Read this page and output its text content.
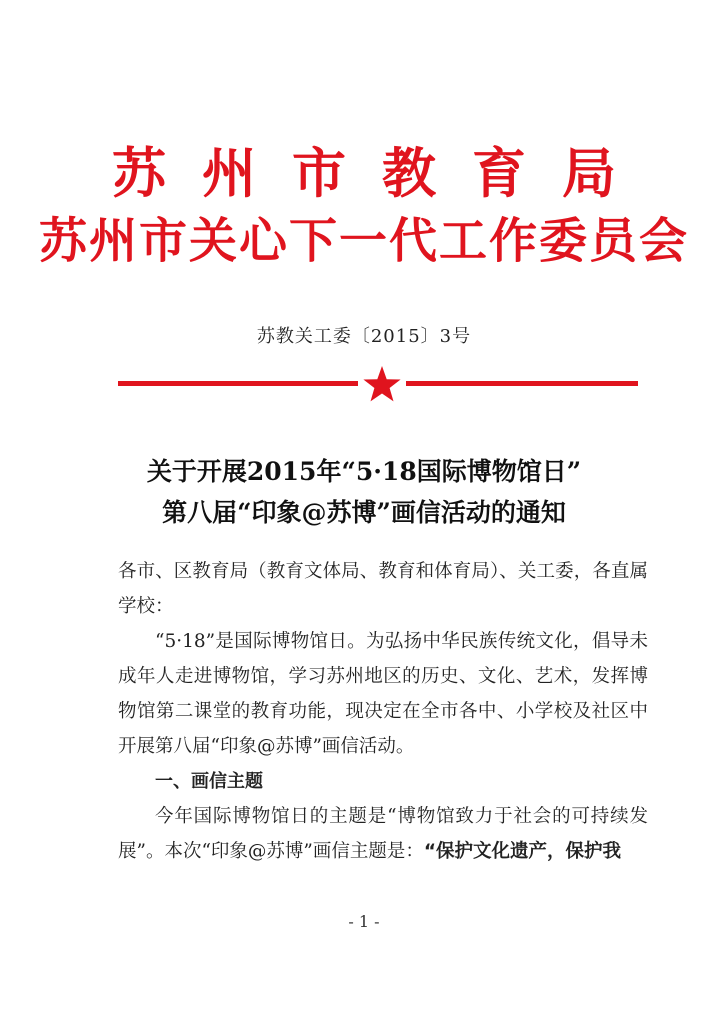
苏州市教育局
苏州市关心下一代工作委员会
苏教关工委〔2015〕3号
关于开展2015年“5·18国际博物馆日”
第八届“印象@苏博”画信活动的通知
各市、区教育局（教育文体局、教育和体育局）、关工委，各直属学校：
“5·18”是国际博物馆日。为弘扬中华民族传统文化，倡导未成年人走进博物馆，学习苏州地区的历史、文化、艺术，发挥博物馆第二课堂的教育功能，现决定在全市各中、小学校及社区中开展第八届“印象@苏博”画信活动。
一、画信主题
今年国际博物馆日的主题是“博物馆致力于社会的可持续发展”。本次“印象@苏博”画信主题是：“保护文化遗产，保护我
- 1 -
